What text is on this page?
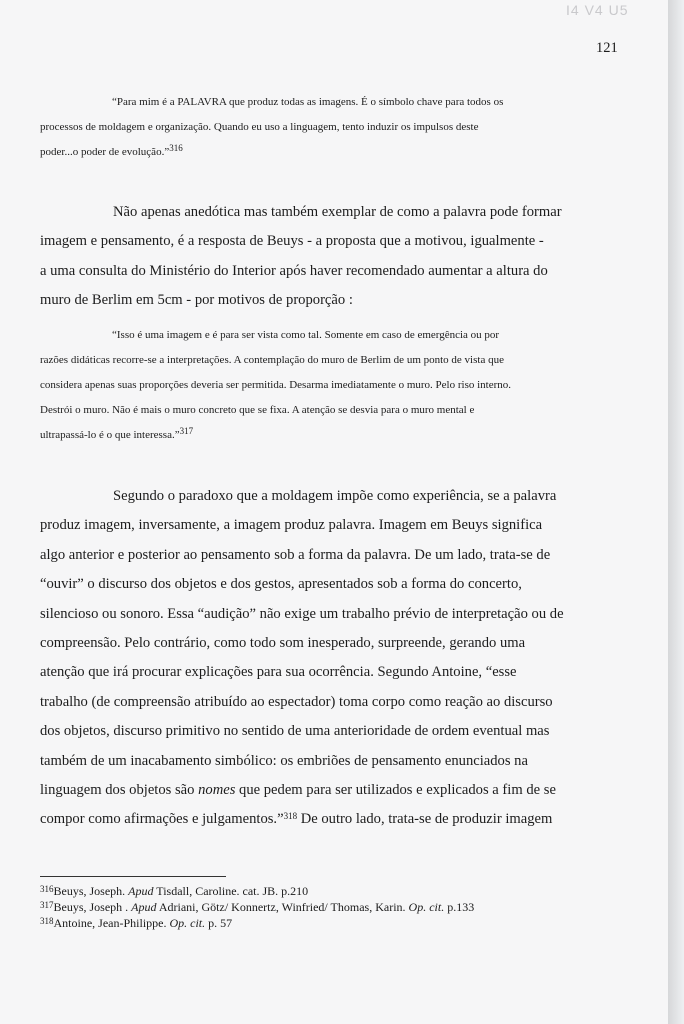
I4 V4 U5
121
“Para mim é a PALAVRA que produz todas as imagens. É o símbolo chave para todos os
processos de moldagem e organização. Quando eu uso a linguagem, tento induzir os impulsos deste
poder...o poder de evolução.”$^{316}$
Não apenas anedótica mas também exemplar de como a palavra pode formar
imagem e pensamento, é a resposta de Beuys - a proposta que a motivou, igualmente -
a uma consulta do Ministério do Interior após haver recomendado aumentar a altura do
muro de Berlim em 5cm - por motivos de proporção :
“Isso é uma imagem e é para ser vista como tal. Somente em caso de emergência ou por
razões didáticas recorre-se a interpretações. A contemplação do muro de Berlim de um ponto de vista que
considera apenas suas proporções deveria ser permitida. Desarma imediatamente o muro. Pelo riso interno.
Destrói o muro. Não é mais o muro concreto que se fixa. A atenção se desvia para o muro mental e
ultrapassá-lo é o que interessa.”$^{317}$
Segundo o paradoxo que a moldagem impõe como experiência, se a palavra
produz imagem, inversamente, a imagem produz palavra. Imagem em Beuys significa
algo anterior e posterior ao pensamento sob a forma da palavra. De um lado, trata-se de
“ouvir” o discurso dos objetos e dos gestos, apresentados sob a forma do concerto,
silencioso ou sonoro. Essa “audição” não exige um trabalho prévio de interpretação ou de
compreensão. Pelo contrário, como todo som inesperado, surpreende, gerando uma
atenção que irá procurar explicações para sua ocorrência. Segundo Antoine, “esse
trabalho (de compreensão atribuído ao espectador) toma corpo como reação ao discurso
dos objetos, discurso primitivo no sentido de uma anterioridade de ordem eventual mas
também de um inacabamento simbólico: os embriões de pensamento enunciados na
linguagem dos objetos são nomes que pedem para ser utilizados e explicados a fim de se
compor como afirmações e julgamentos.”$^{318}$ De outro lado, trata-se de produzir imagem
$^{316}$Beuys, Joseph. Apud Tisdall, Caroline. cat. JB. p.210
$^{317}$Beuys, Joseph . Apud Adriani, Götz/ Konnertz, Winfried/ Thomas, Karin. Op. cit. p.133
$^{318}$Antoine, Jean-Philippe. Op. cit. p. 57
